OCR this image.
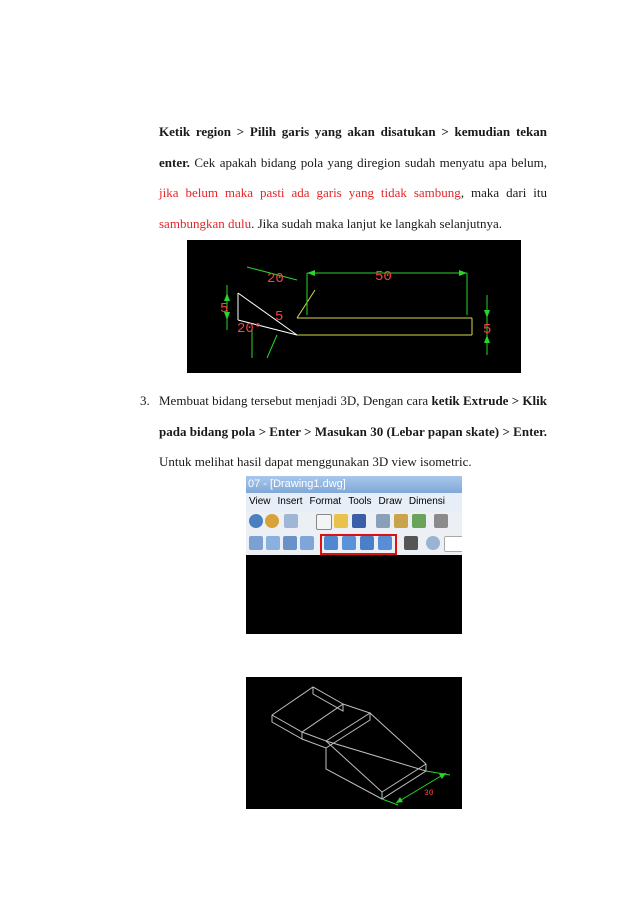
Ketik region > Pilih garis yang akan disatukan > kemudian tekan

enter. Cek apakah bidang pola yang diregion sudah menyatu apa belum,

jika belum maka pasti ada garis yang tidak sambung, maka dari itu

sambungkan dulu. Jika sudah maka lanjut ke langkah selanjutnya.

20	50
5	5
20°	5
3. Membuat bidang tersebut menjadi 3D, Dengan cara ketik Extrude > Klik

pada bidang pola > Enter > Masukan 30 (Lebar papan skate) > Enter.

Untuk melihat hasil dapat menggunakan 3D view isometric.

07 - [Drawing1.dwg]
View Insert Format Tools Draw Dimensi
30
